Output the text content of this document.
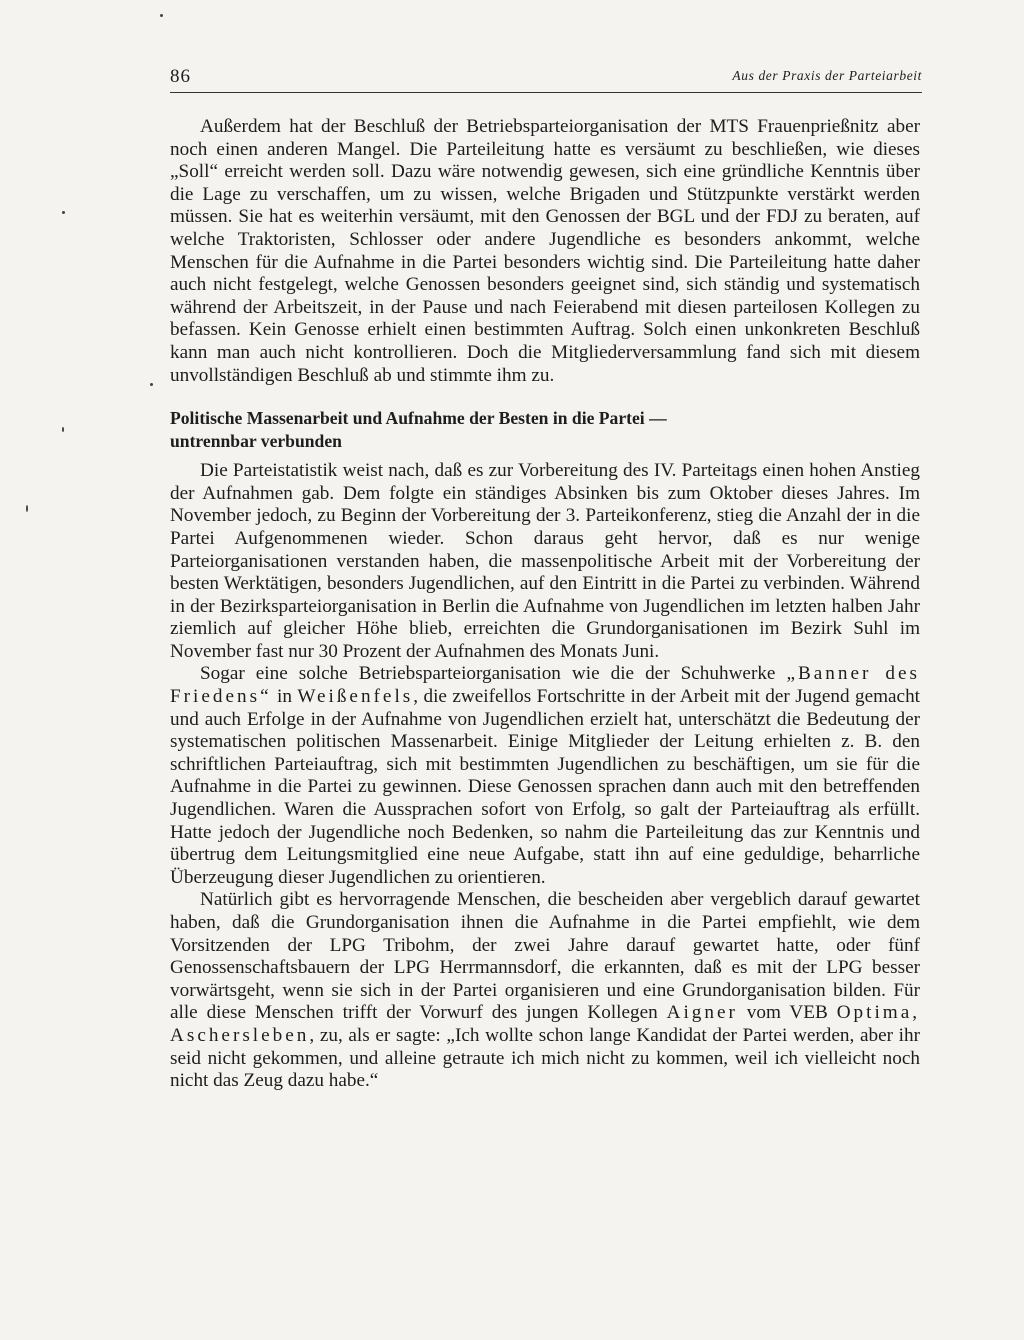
86	Aus der Praxis der Parteiarbeit

Außerdem hat der Beschluß der Betriebsparteiorganisation der MTS Frauenprießnitz aber noch einen anderen Mangel. Die Parteileitung hatte es versäumt zu beschließen, wie dieses „Soll“ erreicht werden soll. Dazu wäre notwendig gewesen, sich eine gründliche Kenntnis über die Lage zu verschaffen, um zu wissen, welche Brigaden und Stützpunkte verstärkt werden müssen. Sie hat es weiterhin versäumt, mit den Genossen der BGL und der FDJ zu beraten, auf welche Traktoristen, Schlosser oder andere Jugendliche es besonders ankommt, welche Menschen für die Aufnahme in die Partei besonders wichtig sind. Die Parteileitung hatte daher auch nicht festgelegt, welche Genossen besonders geeignet sind, sich ständig und systematisch während der Arbeitszeit, in der Pause und nach Feierabend mit diesen parteilosen Kollegen zu befassen. Kein Genosse erhielt einen bestimmten Auftrag. Solch einen unkonkreten Beschluß kann man auch nicht kontrollieren. Doch die Mitgliederversammlung fand sich mit diesem unvollständigen Beschluß ab und stimmte ihm zu.

Politische Massenarbeit und Aufnahme der Besten in die Partei —
untrennbar verbunden

Die Parteistatistik weist nach, daß es zur Vorbereitung des IV. Parteitags einen hohen Anstieg der Aufnahmen gab. Dem folgte ein ständiges Absinken bis zum Oktober dieses Jahres. Im November jedoch, zu Beginn der Vorbereitung der 3. Parteikonferenz, stieg die Anzahl der in die Partei Aufgenommenen wieder. Schon daraus geht hervor, daß es nur wenige Parteiorganisationen verstanden haben, die massenpolitische Arbeit mit der Vorbereitung der besten Werktätigen, besonders Jugendlichen, auf den Eintritt in die Partei zu verbinden. Während in der Bezirksparteiorganisation in Berlin die Aufnahme von Jugendlichen im letzten halben Jahr ziemlich auf gleicher Höhe blieb, erreichten die Grundorganisationen im Bezirk Suhl im November fast nur 30 Prozent der Aufnahmen des Monats Juni.

Sogar eine solche Betriebsparteiorganisation wie die der Schuhwerke „Banner des Friedens“ in Weißenfels, die zweifellos Fortschritte in der Arbeit mit der Jugend gemacht und auch Erfolge in der Aufnahme von Jugendlichen erzielt hat, unterschätzt die Bedeutung der systematischen politischen Massenarbeit. Einige Mitglieder der Leitung erhielten z. B. den schriftlichen Parteiauftrag, sich mit bestimmten Jugendlichen zu beschäftigen, um sie für die Aufnahme in die Partei zu gewinnen. Diese Genossen sprachen dann auch mit den betreffenden Jugendlichen. Waren die Aussprachen sofort von Erfolg, so galt der Parteiauftrag als erfüllt. Hatte jedoch der Jugendliche noch Bedenken, so nahm die Parteileitung das zur Kenntnis und übertrug dem Leitungsmitglied eine neue Aufgabe, statt ihn auf eine geduldige, beharrliche Überzeugung dieser Jugendlichen zu orientieren.

Natürlich gibt es hervorragende Menschen, die bescheiden aber vergeblich darauf gewartet haben, daß die Grundorganisation ihnen die Aufnahme in die Partei empfiehlt, wie dem Vorsitzenden der LPG Tribohm, der zwei Jahre darauf gewartet hatte, oder fünf Genossenschaftsbauern der LPG Herrmannsdorf, die erkannten, daß es mit der LPG besser vorwärtsgeht, wenn sie sich in der Partei organisieren und eine Grundorganisation bilden. Für alle diese Menschen trifft der Vorwurf des jungen Kollegen Aigner vom VEB Optima, Aschersleben, zu, als er sagte: „Ich wollte schon lange Kandidat der Partei werden, aber ihr seid nicht gekommen, und alleine getraute ich mich nicht zu kommen, weil ich vielleicht noch nicht das Zeug dazu habe.“
